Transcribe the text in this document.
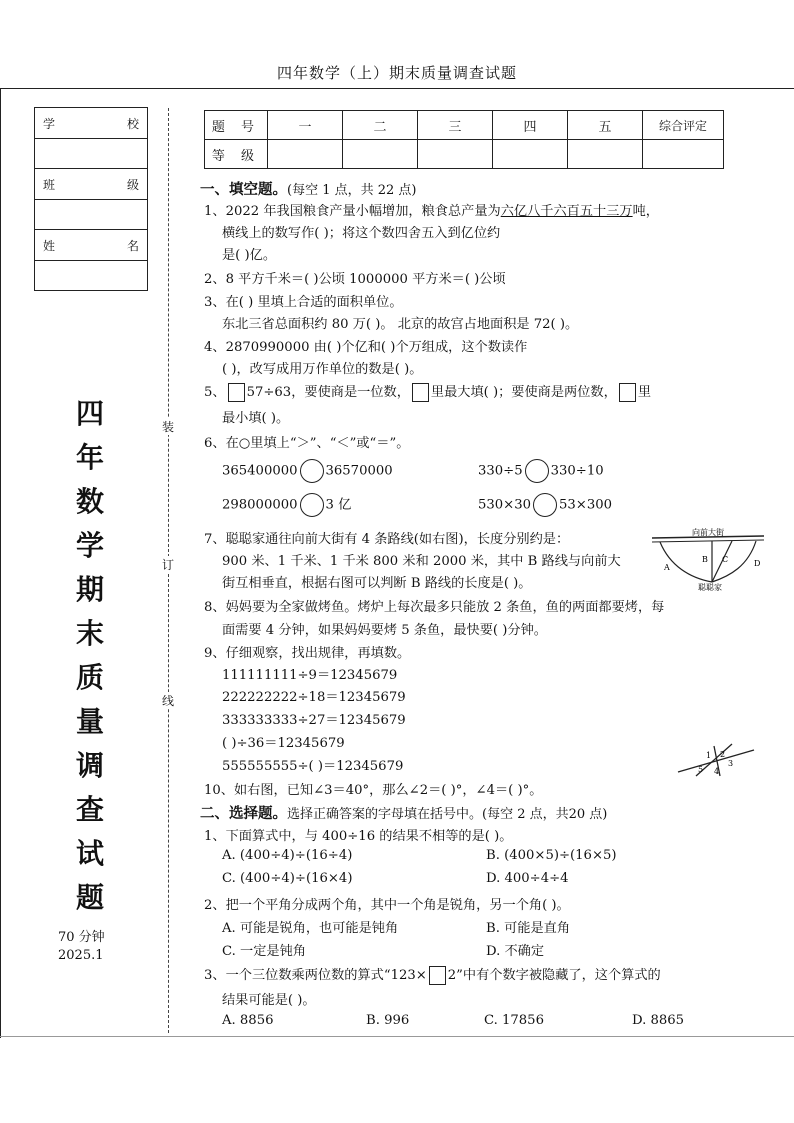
四年数学（上）期末质量调查试题
学	校
班	级
姓	名
四
年
数
学
期
末
质
量
调
查
试
题
70 分钟
2025.1
装
订
线
题 号	一	二	三	四	五	综合评定
等 级						
一、填空题。(每空 1 点，共 22 点)
1、2022 年我国粮食产量小幅增加，粮食总产量为六亿八千六百五十三万吨，
横线上的数写作( )；将这个数四舍五入到亿位约
是( )亿。
2、8 平方千米＝( )公顷 1000000 平方米＝( )公顷
3、在( ) 里填上合适的面积单位。
东北三省总面积约 80 万( )。 北京的故宫占地面积是 72( )。
4、2870990000 由( )个亿和( )个万组成，这个数读作
( )，改写成用万作单位的数是( )。
5、 57÷63，要使商是一位数， 里最大填( )；要使商是两位数， 里
最小填( )。
6、在○里填上“＞”、“＜”或“＝”。
365400000 36570000	330÷5 330÷10
298000000 3 亿	530×30 53×300
7、聪聪家通往向前大街有 4 条路线(如右图)，长度分别约是：
900 米、1 千米、1 千米 800 米和 2000 米，其中 B 路线与向前大
街互相垂直，根据右图可以判断 B 路线的长度是( )。
向前大街
A
B C	D
聪聪家
8、妈妈要为全家做烤鱼。烤炉上每次最多只能放 2 条鱼，鱼的两面都要烤，每
面需要 4 分钟，如果妈妈要烤 5 条鱼，最快要( )分钟。
9、仔细观察，找出规律，再填数。
111111111÷9＝12345679
222222222÷18＝12345679
333333333÷27＝12345679
( )÷36＝12345679
555555555÷( )＝12345679
1 2
3
4
5
10、如右图，已知∠3＝40°，那么∠2＝( )°，∠4＝( )°。
二、选择题。选择正确答案的字母填在括号中。(每空 2 点，共20 点)
1、下面算式中，与 400÷16 的结果不相等的是( )。
A. (400÷4)÷(16÷4)	B. (400×5)÷(16×5)
C. (400÷4)÷(16×4)	D. 400÷4÷4
2、把一个平角分成两个角，其中一个角是锐角，另一个角( )。
A. 可能是锐角，也可能是钝角	B. 可能是直角
C. 一定是钝角	D. 不确定
3、一个三位数乘两位数的算式“123× 2”中有个数字被隐藏了，这个算式的
结果可能是( )。
A. 8856	B. 996	C. 17856	D. 8865
